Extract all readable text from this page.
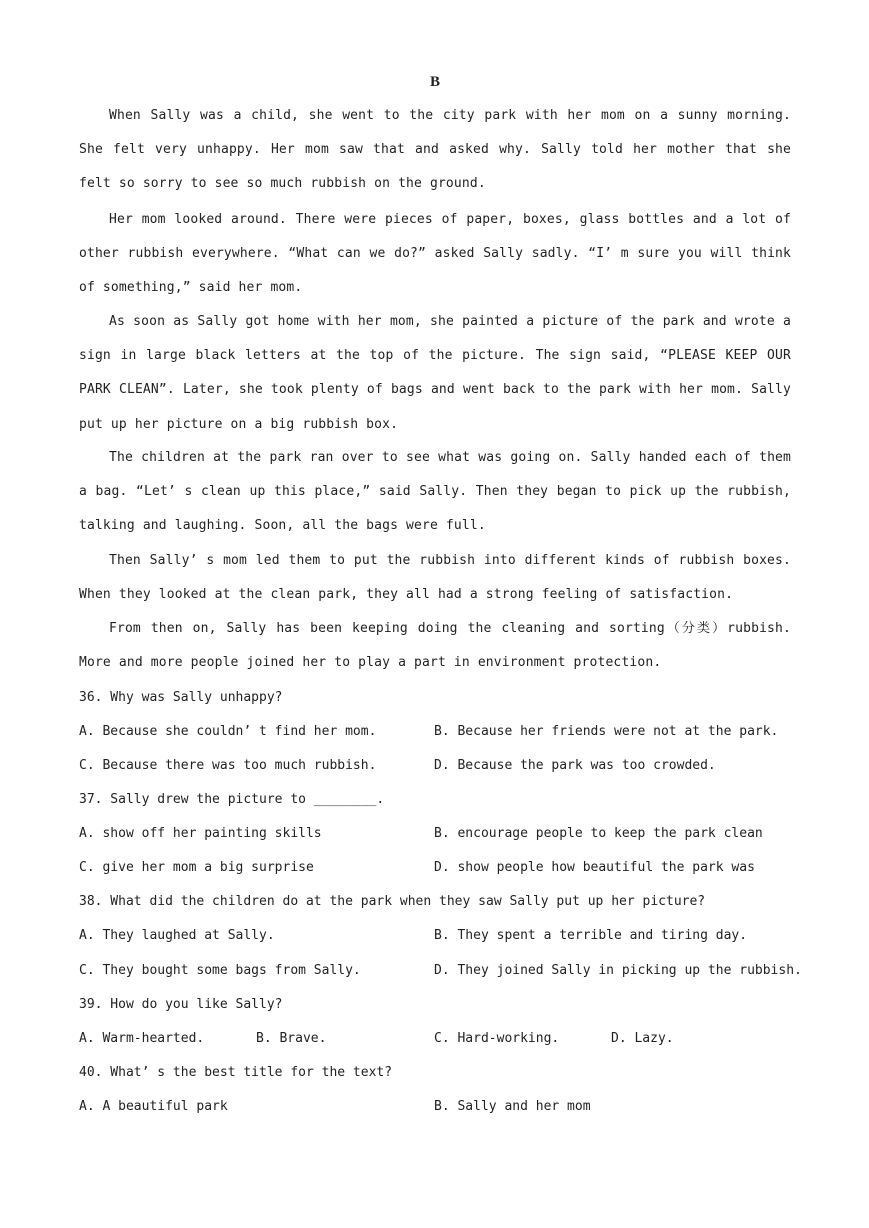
B

When Sally was a child, she went to the city park with her mom on a sunny morning. She felt very unhappy. Her mom saw that and asked why. Sally told her mother that she felt so sorry to see so much rubbish on the ground.

Her mom looked around. There were pieces of paper, boxes, glass bottles and a lot of other rubbish everywhere. “What can we do?” asked Sally sadly. “I’ m sure you will think of something,” said her mom.

As soon as Sally got home with her mom, she painted a picture of the park and wrote a sign in large black letters at the top of the picture. The sign said, “PLEASE KEEP OUR PARK CLEAN”. Later, she took plenty of bags and went back to the park with her mom. Sally put up her picture on a big rubbish box.

The children at the park ran over to see what was going on. Sally handed each of them a bag. “Let’ s clean up this place,” said Sally. Then they began to pick up the rubbish, talking and laughing. Soon, all the bags were full.

Then Sally’ s mom led them to put the rubbish into different kinds of rubbish boxes. When they looked at the clean park, they all had a strong feeling of satisfaction.

From then on, Sally has been keeping doing the cleaning and sorting（分类）rubbish. More and more people joined her to play a part in environment protection.

36. Why was Sally unhappy?
A. Because she couldn’ t find her mom.	B. Because her friends were not at the park.
C. Because there was too much rubbish.	D. Because the park was too crowded.
37. Sally drew the picture to ________.
A. show off her painting skills	B. encourage people to keep the park clean
C. give her mom a big surprise	D. show people how beautiful the park was
38. What did the children do at the park when they saw Sally put up her picture?
A. They laughed at Sally.	B. They spent a terrible and tiring day.
C. They bought some bags from Sally.	D. They joined Sally in picking up the rubbish.
39. How do you like Sally?
A. Warm-hearted.	B. Brave.	C. Hard-working.	D. Lazy.
40. What’ s the best title for the text?
A. A beautiful park	B. Sally and her mom
